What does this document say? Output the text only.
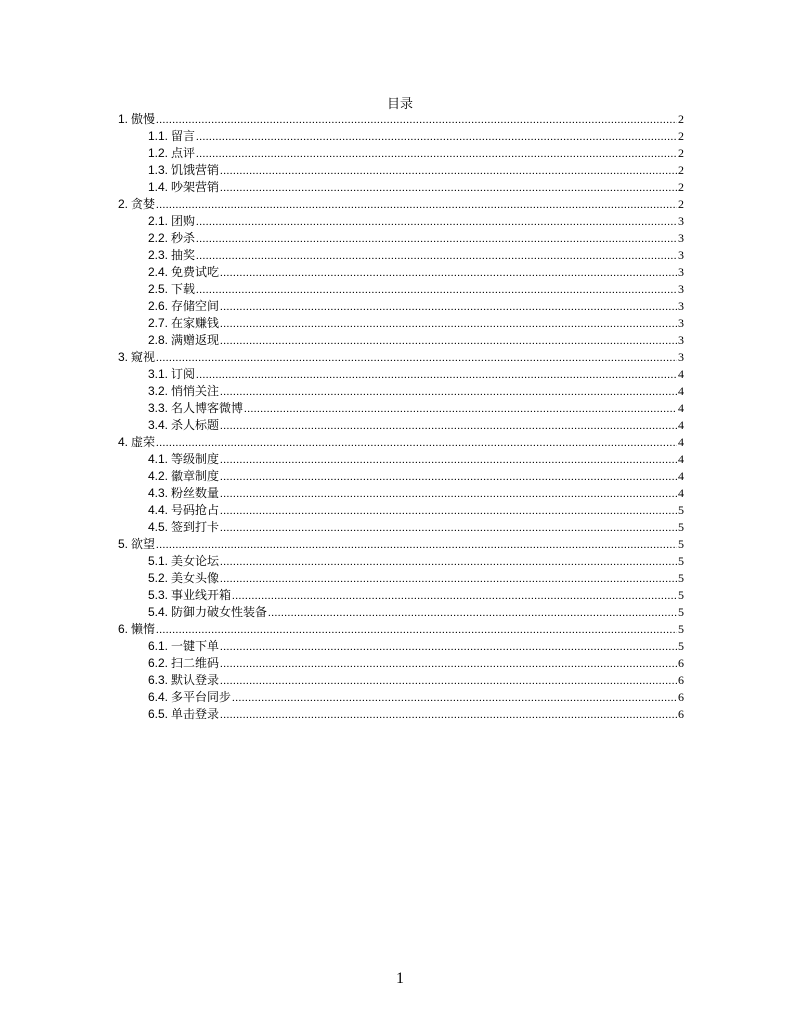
目录
1. 傲慢 .....	2
1.1. 留言 .....	2
1.2. 点评 .....	2
1.3. 饥饿营销 .....	2
1.4. 吵架营销 .....	2
2. 贪婪 .....	2
2.1. 团购 .....	3
2.2. 秒杀 .....	3
2.3. 抽奖 .....	3
2.4. 免费试吃 .....	3
2.5. 下载 .....	3
2.6. 存储空间 .....	3
2.7. 在家赚钱 .....	3
2.8. 满赠返现 .....	3
3. 窥视 .....	3
3.1. 订阅 .....	4
3.2. 悄悄关注 .....	4
3.3. 名人博客微博 .....	4
3.4. 杀人标题 .....	4
4. 虚荣 .....	4
4.1. 等级制度 .....	4
4.2. 徽章制度 .....	4
4.3. 粉丝数量 .....	4
4.4. 号码抢占 .....	5
4.5. 签到打卡 .....	5
5. 欲望 .....	5
5.1. 美女论坛 .....	5
5.2. 美女头像 .....	5
5.3. 事业线开箱 .....	5
5.4. 防御力破女性装备 .....	5
6. 懒惰 .....	5
6.1. 一键下单 .....	5
6.2. 扫二维码 .....	6
6.3. 默认登录 .....	6
6.4. 多平台同步 .....	6
6.5. 单击登录 .....	6
1
